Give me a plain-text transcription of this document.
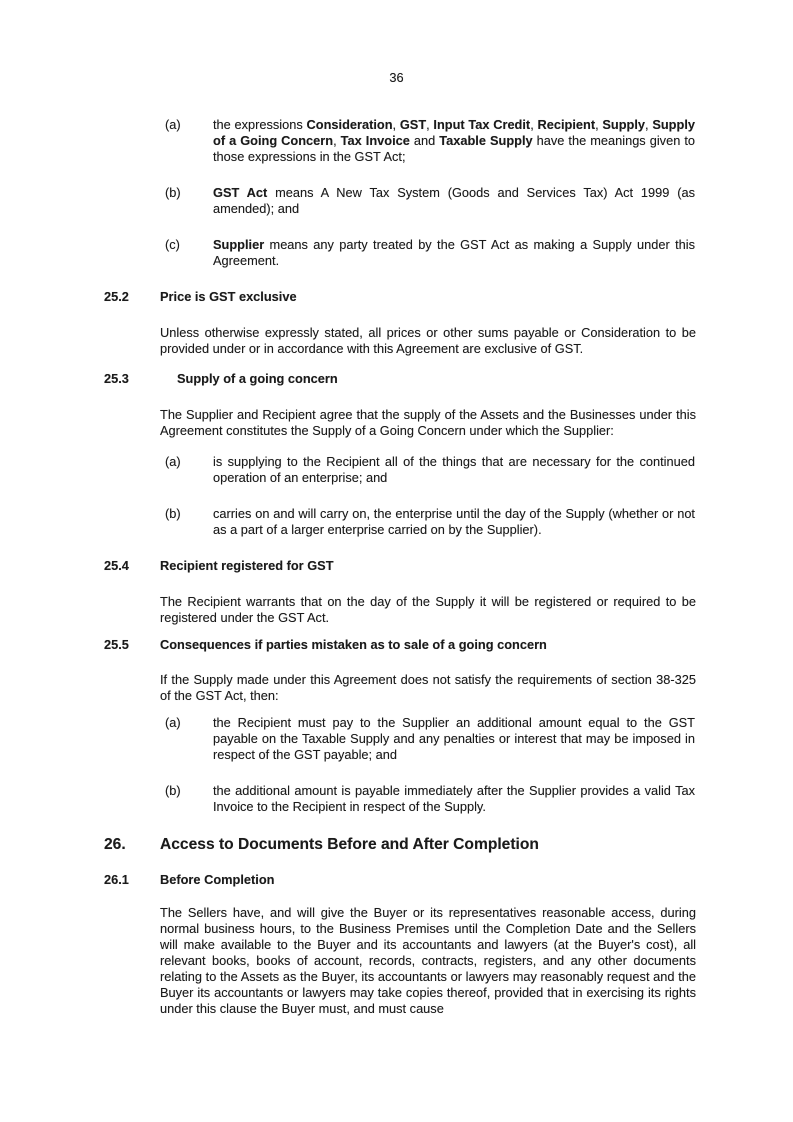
36
(a)	the expressions Consideration, GST, Input Tax Credit, Recipient, Supply, Supply of a Going Concern, Tax Invoice and Taxable Supply have the meanings given to those expressions in the GST Act;
(b)	GST Act means A New Tax System (Goods and Services Tax) Act 1999 (as amended); and
(c)	Supplier means any party treated by the GST Act as making a Supply under this Agreement.
25.2	Price is GST exclusive

Unless otherwise expressly stated, all prices or other sums payable or Consideration to be provided under or in accordance with this Agreement are exclusive of GST.

25.3	Supply of a going concern

The Supplier and Recipient agree that the supply of the Assets and the Businesses under this Agreement constitutes the Supply of a Going Concern under which the Supplier:

(a)	is supplying to the Recipient all of the things that are necessary for the continued operation of an enterprise; and
(b)	carries on and will carry on, the enterprise until the day of the Supply (whether or not as a part of a larger enterprise carried on by the Supplier).
25.4	Recipient registered for GST

The Recipient warrants that on the day of the Supply it will be registered or required to be registered under the GST Act.

25.5	Consequences if parties mistaken as to sale of a going concern

If the Supply made under this Agreement does not satisfy the requirements of section 38-325 of the GST Act, then:

(a)	the Recipient must pay to the Supplier an additional amount equal to the GST payable on the Taxable Supply and any penalties or interest that may be imposed in respect of the GST payable; and
(b)	the additional amount is payable immediately after the Supplier provides a valid Tax Invoice to the Recipient in respect of the Supply.
26.	Access to Documents Before and After Completion
26.1	Before Completion

The Sellers have, and will give the Buyer or its representatives reasonable access, during normal business hours, to the Business Premises until the Completion Date and the Sellers will make available to the Buyer and its accountants and lawyers (at the Buyer's cost), all relevant books, books of account, records, contracts, registers, and any other documents relating to the Assets as the Buyer, its accountants or lawyers may reasonably request and the Buyer its accountants or lawyers may take copies thereof, provided that in exercising its rights under this clause the Buyer must, and must cause
